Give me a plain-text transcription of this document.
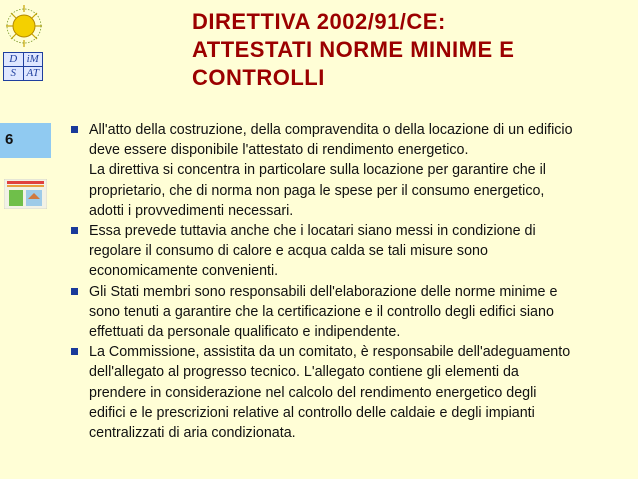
D iM
S AT
6
DIRETTIVA 2002/91/CE:
ATTESTATI NORME MINIME E
CONTROLLI
All'atto della costruzione, della compravendita o della locazione di un edificio
deve essere disponibile l'attestato di rendimento energetico.
La direttiva si concentra in particolare sulla locazione per garantire che il
proprietario, che di norma non paga le spese per il consumo energetico,
adotti i provvedimenti necessari.
Essa prevede tuttavia anche che i locatari siano messi in condizione di
regolare il consumo di calore e acqua calda se tali misure sono
economicamente convenienti.
Gli Stati membri sono responsabili dell'elaborazione delle norme minime e
sono tenuti a garantire che la certificazione e il controllo degli edifici siano
effettuati da personale qualificato e indipendente.
La Commissione, assistita da un comitato, è responsabile dell'adeguamento
dell'allegato al progresso tecnico. L'allegato contiene gli elementi da
prendere in considerazione nel calcolo del rendimento energetico degli
edifici e le prescrizioni relative al controllo delle caldaie e degli impianti
centralizzati di aria condizionata.
